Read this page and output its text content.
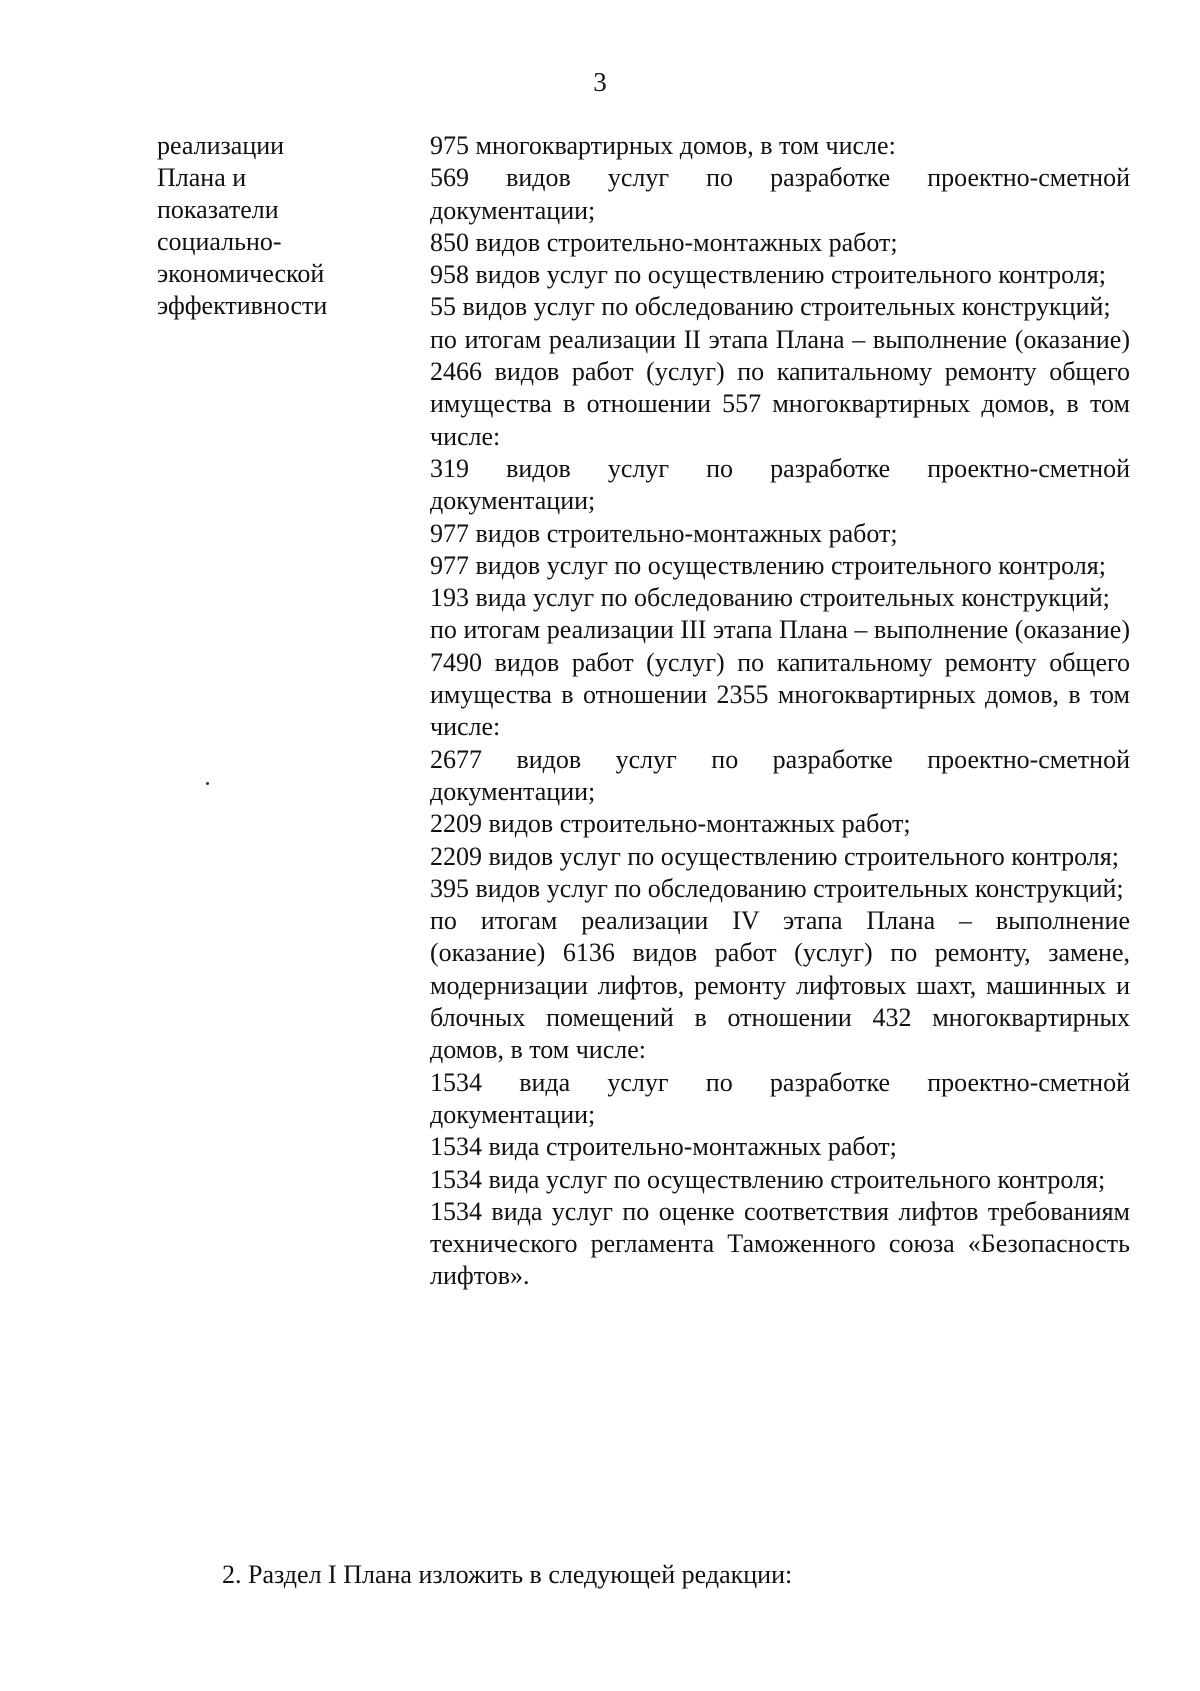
3
реализации
Плана и
показатели
социально-
экономической
эффективности

975 многоквартирных домов, в том числе:

569 видов услуг по разработке проектно-сметной документации;

850 видов строительно-монтажных работ;

958 видов услуг по осуществлению строительного контроля;

55 видов услуг по обследованию строительных конструкций;

по итогам реализации II этапа Плана – выполнение (оказание) 2466 видов работ (услуг) по капитальному ремонту общего имущества в отношении 557 многоквартирных домов, в том числе:

319 видов услуг по разработке проектно-сметной документации;

977 видов строительно-монтажных работ;

977 видов услуг по осуществлению строительного контроля;

193 вида услуг по обследованию строительных конструкций;

по итогам реализации III этапа Плана – выполнение (оказание) 7490 видов работ (услуг) по капитальному ремонту общего имущества в отношении 2355 многоквартирных домов, в том числе:

2677 видов услуг по разработке проектно-сметной документации;

2209 видов строительно-монтажных работ;

2209 видов услуг по осуществлению строительного контроля;

395 видов услуг по обследованию строительных конструкций;

по итогам реализации IV этапа Плана – выполнение (оказание) 6136 видов работ (услуг) по ремонту, замене, модернизации лифтов, ремонту лифтовых шахт, машинных и блочных помещений в отношении 432 многоквартирных домов, в том числе:

1534 вида услуг по разработке проектно-сметной документации;

1534 вида строительно-монтажных работ;

1534 вида услуг по осуществлению строительного контроля;

1534 вида услуг по оценке соответствия лифтов требованиям технического регламента Таможенного союза «Безопасность лифтов».

2. Раздел I Плана изложить в следующей редакции:
